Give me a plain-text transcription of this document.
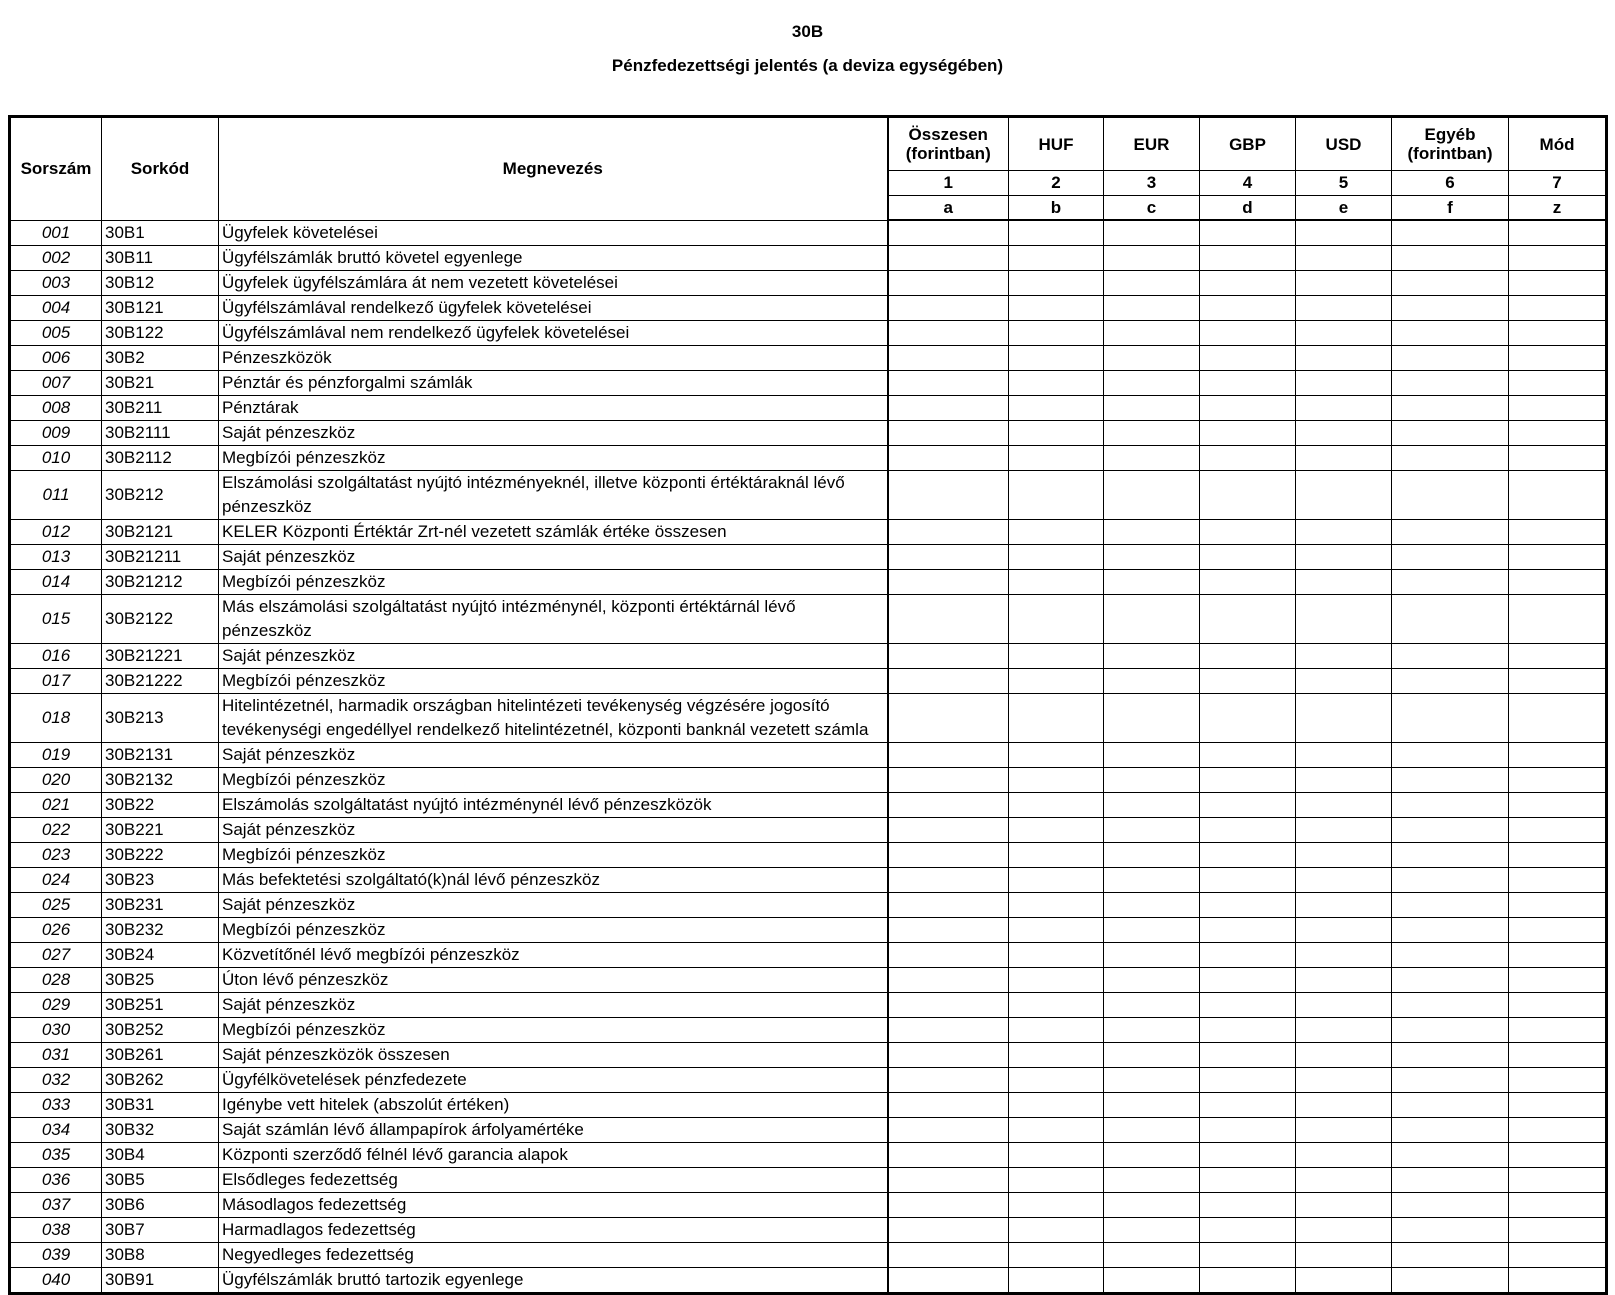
30B
Pénzfedezettségi jelentés (a deviza egységében)
Sorszám	Sorkód	Megnevezés	Összesen (forintban)	HUF	EUR	GBP	USD	Egyéb (forintban)	Mód
			1	2	3	4	5	6	7
			a	b	c	d	e	f	z
001	30B1	Ügyfelek követelései							
002	30B11	Ügyfélszámlák bruttó követel egyenlege							
003	30B12	Ügyfelek ügyfélszámlára át nem vezetett követelései							
004	30B121	Ügyfélszámlával rendelkező ügyfelek követelései							
005	30B122	Ügyfélszámlával nem rendelkező ügyfelek követelései							
006	30B2	Pénzeszközök							
007	30B21	Pénztár és pénzforgalmi számlák							
008	30B211	Pénztárak							
009	30B2111	Saját pénzeszköz							
010	30B2112	Megbízói pénzeszköz							
011	30B212	Elszámolási szolgáltatást nyújtó intézményeknél, illetve központi értéktáraknál lévő pénzeszköz							
012	30B2121	KELER Központi Értéktár Zrt-nél vezetett számlák értéke összesen							
013	30B21211	Saját pénzeszköz							
014	30B21212	Megbízói pénzeszköz							
015	30B2122	Más elszámolási szolgáltatást nyújtó intézménynél, központi értéktárnál lévő pénzeszköz							
016	30B21221	Saját pénzeszköz							
017	30B21222	Megbízói pénzeszköz							
018	30B213	Hitelintézetnél, harmadik országban hitelintézeti tevékenység végzésére jogosító tevékenységi engedéllyel rendelkező hitelintézetnél, központi banknál vezetett számla							
019	30B2131	Saját pénzeszköz							
020	30B2132	Megbízói pénzeszköz							
021	30B22	Elszámolás szolgáltatást nyújtó intézménynél lévő pénzeszközök							
022	30B221	Saját pénzeszköz							
023	30B222	Megbízói pénzeszköz							
024	30B23	Más befektetési szolgáltató(k)nál lévő pénzeszköz							
025	30B231	Saját pénzeszköz							
026	30B232	Megbízói pénzeszköz							
027	30B24	Közvetítőnél lévő megbízói pénzeszköz							
028	30B25	Úton lévő pénzeszköz							
029	30B251	Saját pénzeszköz							
030	30B252	Megbízói pénzeszköz							
031	30B261	Saját pénzeszközök összesen							
032	30B262	Ügyfélkövetelések pénzfedezete							
033	30B31	Igénybe vett hitelek (abszolút értéken)							
034	30B32	Saját számlán lévő állampapírok árfolyamértéke							
035	30B4	Központi szerződő félnél lévő garancia alapok							
036	30B5	Elsődleges fedezettség							
037	30B6	Másodlagos fedezettség							
038	30B7	Harmadlagos fedezettség							
039	30B8	Negyedleges fedezettség							
040	30B91	Ügyfélszámlák bruttó tartozik egyenlege							
